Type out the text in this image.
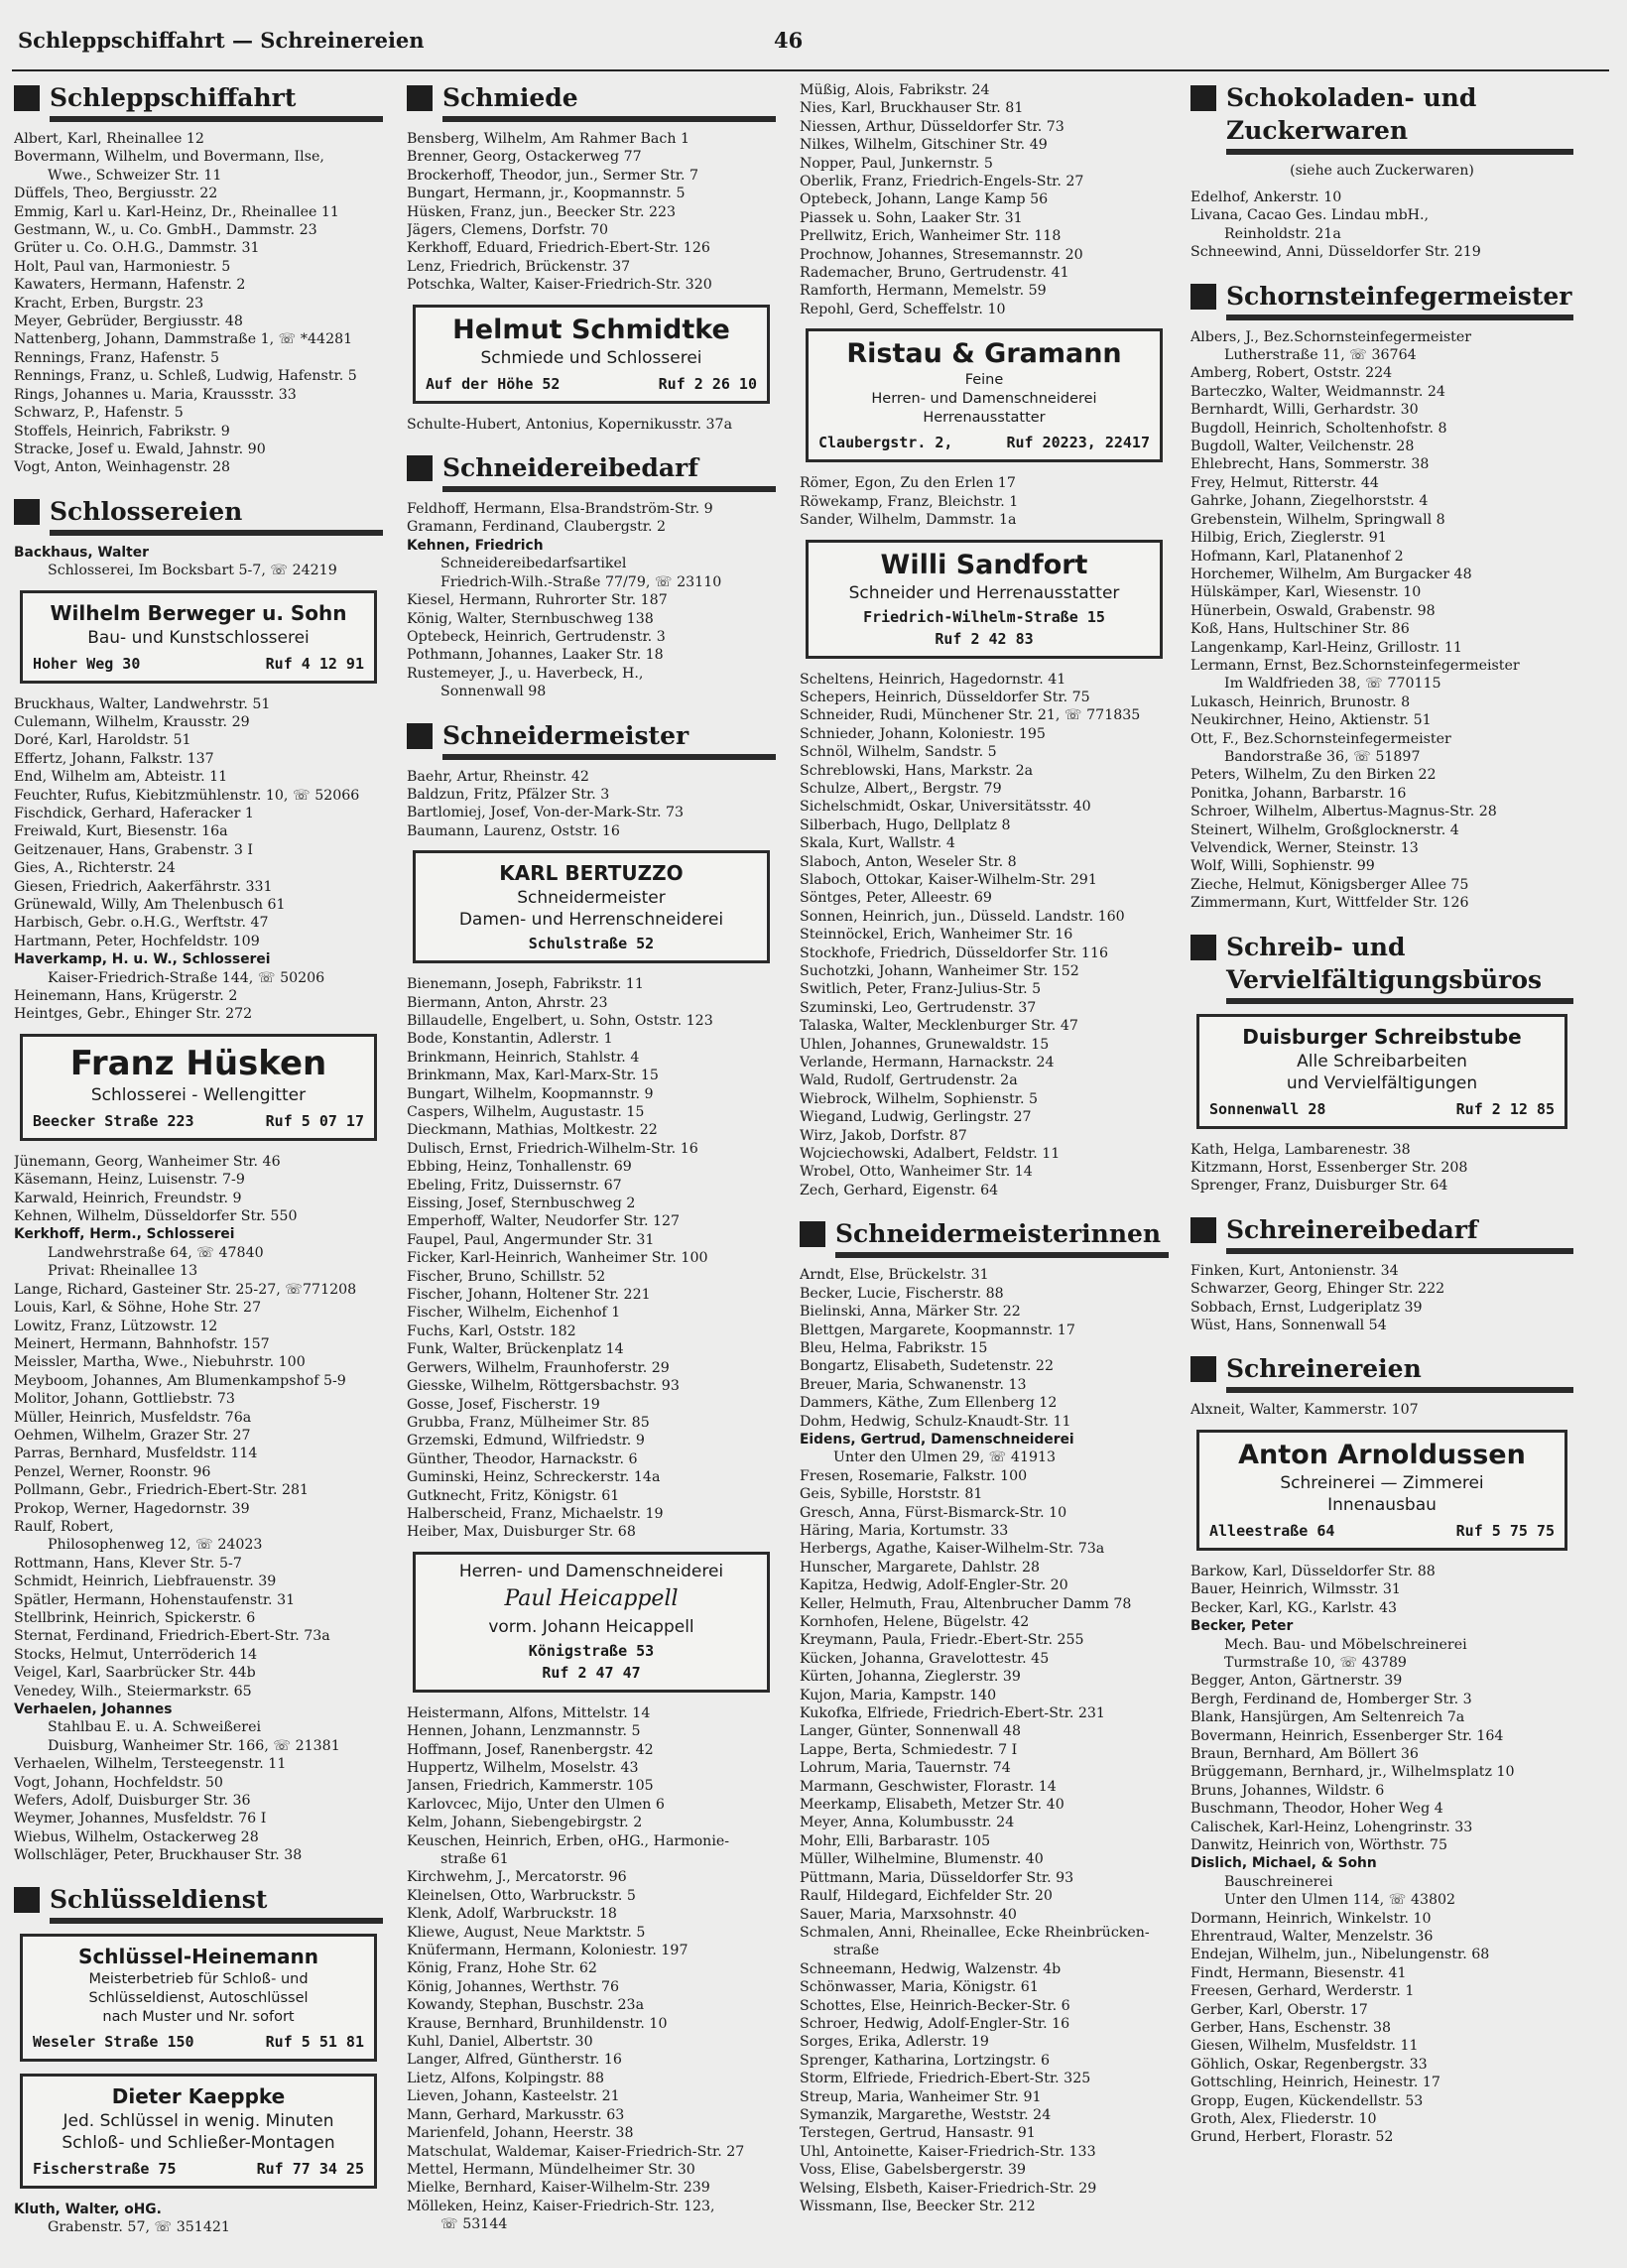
Schleppschiffahrt — Schreinereien	46
Schleppschiffahrt
Albert, Karl, Rheinallee 12
Bovermann, Wilhelm, und Bovermann, Ilse,
Wwe., Schweizer Str. 11
Düffels, Theo, Bergiusstr. 22
Emmig, Karl u. Karl-Heinz, Dr., Rheinallee 11
Gestmann, W., u. Co. GmbH., Dammstr. 23
Grüter u. Co. O.H.G., Dammstr. 31
Holt, Paul van, Harmoniestr. 5
Kawaters, Hermann, Hafenstr. 2
Kracht, Erben, Burgstr. 23
Meyer, Gebrüder, Bergiusstr. 48
Nattenberg, Johann, Dammstraße 1, ☏ *44281
Rennings, Franz, Hafenstr. 5
Rennings, Franz, u. Schleß, Ludwig, Hafenstr. 5
Rings, Johannes u. Maria, Kraussstr. 33
Schwarz, P., Hafenstr. 5
Stoffels, Heinrich, Fabrikstr. 9
Stracke, Josef u. Ewald, Jahnstr. 90
Vogt, Anton, Weinhagenstr. 28
Schlossereien
Backhaus, Walter
Schlosserei, Im Bocksbart 5-7, ☏ 24219
Wilhelm Berweger u. Sohn
Bau- und Kunstschlosserei
Hoher Weg 30	Ruf 4 12 91
Bruckhaus, Walter, Landwehrstr. 51
Culemann, Wilhelm, Krausstr. 29
Doré, Karl, Haroldstr. 51
Effertz, Johann, Falkstr. 137
End, Wilhelm am, Abteistr. 11
Feuchter, Rufus, Kiebitzmühlenstr. 10, ☏ 52066
Fischdick, Gerhard, Haferacker 1
Freiwald, Kurt, Biesenstr. 16a
Geitzenauer, Hans, Grabenstr. 3 I
Gies, A., Richterstr. 24
Giesen, Friedrich, Aakerfährstr. 331
Grünewald, Willy, Am Thelenbusch 61
Harbisch, Gebr. o.H.G., Werftstr. 47
Hartmann, Peter, Hochfeldstr. 109
Haverkamp, H. u. W., Schlosserei
Kaiser-Friedrich-Straße 144, ☏ 50206
Heinemann, Hans, Krügerstr. 2
Heintges, Gebr., Ehinger Str. 272
Franz Hüsken
Schlosserei - Wellengitter
Beecker Straße 223	Ruf 5 07 17
Jünemann, Georg, Wanheimer Str. 46
Käsemann, Heinz, Luisenstr. 7-9
Karwald, Heinrich, Freundstr. 9
Kehnen, Wilhelm, Düsseldorfer Str. 550
Kerkhoff, Herm., Schlosserei
Landwehrstraße 64, ☏ 47840
Privat: Rheinallee 13
Lange, Richard, Gasteiner Str. 25-27, ☏771208
Louis, Karl, & Söhne, Hohe Str. 27
Lowitz, Franz, Lützowstr. 12
Meinert, Hermann, Bahnhofstr. 157
Meissler, Martha, Wwe., Niebuhrstr. 100
Meyboom, Johannes, Am Blumenkampshof 5-9
Molitor, Johann, Gottliebstr. 73
Müller, Heinrich, Musfeldstr. 76a
Oehmen, Wilhelm, Grazer Str. 27
Parras, Bernhard, Musfeldstr. 114
Penzel, Werner, Roonstr. 96
Pollmann, Gebr., Friedrich-Ebert-Str. 281
Prokop, Werner, Hagedornstr. 39
Raulf, Robert,
Philosophenweg 12, ☏ 24023
Rottmann, Hans, Klever Str. 5-7
Schmidt, Heinrich, Liebfrauenstr. 39
Spätler, Hermann, Hohenstaufenstr. 31
Stellbrink, Heinrich, Spickerstr. 6
Sternat, Ferdinand, Friedrich-Ebert-Str. 73a
Stocks, Helmut, Unterröderich 14
Veigel, Karl, Saarbrücker Str. 44b
Venedey, Wilh., Steiermarkstr. 65
Verhaelen, Johannes
Stahlbau E. u. A. Schweißerei
Duisburg, Wanheimer Str. 166, ☏ 21381
Verhaelen, Wilhelm, Tersteegenstr. 11
Vogt, Johann, Hochfeldstr. 50
Wefers, Adolf, Duisburger Str. 36
Weymer, Johannes, Musfeldstr. 76 I
Wiebus, Wilhelm, Ostackerweg 28
Wollschläger, Peter, Bruckhauser Str. 38
Schlüsseldienst
Schlüssel-Heinemann
Meisterbetrieb für Schloß- und
Schlüsseldienst, Autoschlüssel
nach Muster und Nr. sofort
Weseler Straße 150	Ruf 5 51 81
Dieter Kaeppke
Jed. Schlüssel in wenig. Minuten
Schloß- und Schließer-Montagen
Fischerstraße 75	Ruf 77 34 25
Kluth, Walter, oHG.
Grabenstr. 57, ☏ 351421
Schmiede
Bensberg, Wilhelm, Am Rahmer Bach 1
Brenner, Georg, Ostackerweg 77
Brockerhoff, Theodor, jun., Sermer Str. 7
Bungart, Hermann, jr., Koopmannstr. 5
Hüsken, Franz, jun., Beecker Str. 223
Jägers, Clemens, Dorfstr. 70
Kerkhoff, Eduard, Friedrich-Ebert-Str. 126
Lenz, Friedrich, Brückenstr. 37
Potschka, Walter, Kaiser-Friedrich-Str. 320
Helmut Schmidtke
Schmiede und Schlosserei
Auf der Höhe 52	Ruf 2 26 10
Schulte-Hubert, Antonius, Kopernikusstr. 37a
Schneidereibedarf
Feldhoff, Hermann, Elsa-Brandström-Str. 9
Gramann, Ferdinand, Claubergstr. 2
Kehnen, Friedrich
Schneidereibedarfsartikel
Friedrich-Wilh.-Straße 77/79, ☏ 23110
Kiesel, Hermann, Ruhrorter Str. 187
König, Walter, Sternbuschweg 138
Optebeck, Heinrich, Gertrudenstr. 3
Pothmann, Johannes, Laaker Str. 18
Rustemeyer, J., u. Haverbeck, H.,
Sonnenwall 98
Schneidermeister
Baehr, Artur, Rheinstr. 42
Baldzun, Fritz, Pfälzer Str. 3
Bartlomiej, Josef, Von-der-Mark-Str. 73
Baumann, Laurenz, Oststr. 16
KARL BERTUZZO
Schneidermeister
Damen- und Herrenschneiderei
Schulstraße 52
Bienemann, Joseph, Fabrikstr. 11
Biermann, Anton, Ahrstr. 23
Billaudelle, Engelbert, u. Sohn, Oststr. 123
Bode, Konstantin, Adlerstr. 1
Brinkmann, Heinrich, Stahlstr. 4
Brinkmann, Max, Karl-Marx-Str. 15
Bungart, Wilhelm, Koopmannstr. 9
Caspers, Wilhelm, Augustastr. 15
Dieckmann, Mathias, Moltkestr. 22
Dulisch, Ernst, Friedrich-Wilhelm-Str. 16
Ebbing, Heinz, Tonhallenstr. 69
Ebeling, Fritz, Duissernstr. 67
Eissing, Josef, Sternbuschweg 2
Emperhoff, Walter, Neudorfer Str. 127
Faupel, Paul, Angermunder Str. 31
Ficker, Karl-Heinrich, Wanheimer Str. 100
Fischer, Bruno, Schillstr. 52
Fischer, Johann, Holtener Str. 221
Fischer, Wilhelm, Eichenhof 1
Fuchs, Karl, Oststr. 182
Funk, Walter, Brückenplatz 14
Gerwers, Wilhelm, Fraunhoferstr. 29
Giesske, Wilhelm, Röttgersbachstr. 93
Gosse, Josef, Fischerstr. 19
Grubba, Franz, Mülheimer Str. 85
Grzemski, Edmund, Wilfriedstr. 9
Günther, Theodor, Harnackstr. 6
Guminski, Heinz, Schreckerstr. 14a
Gutknecht, Fritz, Königstr. 61
Halberscheid, Franz, Michaelstr. 19
Heiber, Max, Duisburger Str. 68
Herren- und Damenschneiderei
Paul Heicappell
vorm. Johann Heicappell
Königstraße 53
Ruf 2 47 47
Heistermann, Alfons, Mittelstr. 14
Hennen, Johann, Lenzmannstr. 5
Hoffmann, Josef, Ranenbergstr. 42
Huppertz, Wilhelm, Moselstr. 43
Jansen, Friedrich, Kammerstr. 105
Karlovcec, Mijo, Unter den Ulmen 6
Kelm, Johann, Siebengebirgstr. 2
Keuschen, Heinrich, Erben, oHG., Harmonie-
straße 61
Kirchwehm, J., Mercatorstr. 96
Kleinelsen, Otto, Warbruckstr. 5
Klenk, Adolf, Warbruckstr. 18
Kliewe, August, Neue Marktstr. 5
Knüfermann, Hermann, Koloniestr. 197
König, Franz, Hohe Str. 62
König, Johannes, Werthstr. 76
Kowandy, Stephan, Buschstr. 23a
Krause, Bernhard, Brunhildenstr. 10
Kuhl, Daniel, Albertstr. 30
Langer, Alfred, Güntherstr. 16
Lietz, Alfons, Kolpingstr. 88
Lieven, Johann, Kasteelstr. 21
Mann, Gerhard, Markusstr. 63
Marienfeld, Johann, Heerstr. 38
Matschulat, Waldemar, Kaiser-Friedrich-Str. 27
Mettel, Hermann, Mündelheimer Str. 30
Mielke, Bernhard, Kaiser-Wilhelm-Str. 239
Mölleken, Heinz, Kaiser-Friedrich-Str. 123,
☏ 53144
Müßig, Alois, Fabrikstr. 24
Nies, Karl, Bruckhauser Str. 81
Niessen, Arthur, Düsseldorfer Str. 73
Nilkes, Wilhelm, Gitschiner Str. 49
Nopper, Paul, Junkernstr. 5
Oberlik, Franz, Friedrich-Engels-Str. 27
Optebeck, Johann, Lange Kamp 56
Piassek u. Sohn, Laaker Str. 31
Prellwitz, Erich, Wanheimer Str. 118
Prochnow, Johannes, Stresemannstr. 20
Rademacher, Bruno, Gertrudenstr. 41
Ramforth, Hermann, Memelstr. 59
Repohl, Gerd, Scheffelstr. 10
Ristau & Gramann
Feine
Herren- und Damenschneiderei
Herrenausstatter
Claubergstr. 2,	Ruf 20223, 22417
Römer, Egon, Zu den Erlen 17
Röwekamp, Franz, Bleichstr. 1
Sander, Wilhelm, Dammstr. 1a
Willi Sandfort
Schneider und Herrenausstatter
Friedrich-Wilhelm-Straße 15
Ruf 2 42 83
Scheltens, Heinrich, Hagedornstr. 41
Schepers, Heinrich, Düsseldorfer Str. 75
Schneider, Rudi, Münchener Str. 21, ☏ 771835
Schnieder, Johann, Koloniestr. 195
Schnöl, Wilhelm, Sandstr. 5
Schreblowski, Hans, Markstr. 2a
Schulze, Albert,, Bergstr. 79
Sichelschmidt, Oskar, Universitätsstr. 40
Silberbach, Hugo, Dellplatz 8
Skala, Kurt, Wallstr. 4
Slaboch, Anton, Weseler Str. 8
Slaboch, Ottokar, Kaiser-Wilhelm-Str. 291
Söntges, Peter, Alleestr. 69
Sonnen, Heinrich, jun., Düsseld. Landstr. 160
Steinnöckel, Erich, Wanheimer Str. 16
Stockhofe, Friedrich, Düsseldorfer Str. 116
Suchotzki, Johann, Wanheimer Str. 152
Switlich, Peter, Franz-Julius-Str. 5
Szuminski, Leo, Gertrudenstr. 37
Talaska, Walter, Mecklenburger Str. 47
Uhlen, Johannes, Grunewaldstr. 15
Verlande, Hermann, Harnackstr. 24
Wald, Rudolf, Gertrudenstr. 2a
Wiebrock, Wilhelm, Sophienstr. 5
Wiegand, Ludwig, Gerlingstr. 27
Wirz, Jakob, Dorfstr. 87
Wojciechowski, Adalbert, Feldstr. 11
Wrobel, Otto, Wanheimer Str. 14
Zech, Gerhard, Eigenstr. 64
Schneidermeisterinnen
Arndt, Else, Brückelstr. 31
Becker, Lucie, Fischerstr. 88
Bielinski, Anna, Märker Str. 22
Blettgen, Margarete, Koopmannstr. 17
Bleu, Helma, Fabrikstr. 15
Bongartz, Elisabeth, Sudetenstr. 22
Breuer, Maria, Schwanenstr. 13
Dammers, Käthe, Zum Ellenberg 12
Dohm, Hedwig, Schulz-Knaudt-Str. 11
Eidens, Gertrud, Damenschneiderei
Unter den Ulmen 29, ☏ 41913
Fresen, Rosemarie, Falkstr. 100
Geis, Sybille, Horststr. 81
Gresch, Anna, Fürst-Bismarck-Str. 10
Häring, Maria, Kortumstr. 33
Herbergs, Agathe, Kaiser-Wilhelm-Str. 73a
Hunscher, Margarete, Dahlstr. 28
Kapitza, Hedwig, Adolf-Engler-Str. 20
Keller, Helmuth, Frau, Altenbrucher Damm 78
Kornhofen, Helene, Bügelstr. 42
Kreymann, Paula, Friedr.-Ebert-Str. 255
Kücken, Johanna, Gravelottestr. 45
Kürten, Johanna, Zieglerstr. 39
Kujon, Maria, Kampstr. 140
Kukofka, Elfriede, Friedrich-Ebert-Str. 231
Langer, Günter, Sonnenwall 48
Lappe, Berta, Schmiedestr. 7 I
Lohrum, Maria, Tauernstr. 74
Marmann, Geschwister, Florastr. 14
Meerkamp, Elisabeth, Metzer Str. 40
Meyer, Anna, Kolumbusstr. 24
Mohr, Elli, Barbarastr. 105
Müller, Wilhelmine, Blumenstr. 40
Püttmann, Maria, Düsseldorfer Str. 93
Raulf, Hildegard, Eichfelder Str. 20
Sauer, Maria, Marxsohnstr. 40
Schmalen, Anni, Rheinallee, Ecke Rheinbrücken-
straße
Schneemann, Hedwig, Walzenstr. 4b
Schönwasser, Maria, Königstr. 61
Schottes, Else, Heinrich-Becker-Str. 6
Schroer, Hedwig, Adolf-Engler-Str. 16
Sorges, Erika, Adlerstr. 19
Sprenger, Katharina, Lortzingstr. 6
Storm, Elfriede, Friedrich-Ebert-Str. 325
Streup, Maria, Wanheimer Str. 91
Symanzik, Margarethe, Weststr. 24
Terstegen, Gertrud, Hansastr. 91
Uhl, Antoinette, Kaiser-Friedrich-Str. 133
Voss, Elise, Gabelsbergerstr. 39
Welsing, Elsbeth, Kaiser-Friedrich-Str. 29
Wissmann, Ilse, Beecker Str. 212
Schokoladen- und Zuckerwaren
(siehe auch Zuckerwaren)
Edelhof, Ankerstr. 10
Livana, Cacao Ges. Lindau mbH.,
Reinholdstr. 21a
Schneewind, Anni, Düsseldorfer Str. 219
Schornsteinfegermeister
Albers, J., Bez.Schornsteinfegermeister
Lutherstraße 11, ☏ 36764
Amberg, Robert, Oststr. 224
Barteczko, Walter, Weidmannstr. 24
Bernhardt, Willi, Gerhardstr. 30
Bugdoll, Heinrich, Scholtenhofstr. 8
Bugdoll, Walter, Veilchenstr. 28
Ehlebrecht, Hans, Sommerstr. 38
Frey, Helmut, Ritterstr. 44
Gahrke, Johann, Ziegelhorststr. 4
Grebenstein, Wilhelm, Springwall 8
Hilbig, Erich, Zieglerstr. 91
Hofmann, Karl, Platanenhof 2
Horchemer, Wilhelm, Am Burgacker 48
Hülskämper, Karl, Wiesenstr. 10
Hünerbein, Oswald, Grabenstr. 98
Koß, Hans, Hultschiner Str. 86
Langenkamp, Karl-Heinz, Grillostr. 11
Lermann, Ernst, Bez.Schornsteinfegermeister
Im Waldfrieden 38, ☏ 770115
Lukasch, Heinrich, Brunostr. 8
Neukirchner, Heino, Aktienstr. 51
Ott, F., Bez.Schornsteinfegermeister
Bandorstraße 36, ☏ 51897
Peters, Wilhelm, Zu den Birken 22
Ponitka, Johann, Barbarstr. 16
Schroer, Wilhelm, Albertus-Magnus-Str. 28
Steinert, Wilhelm, Großglocknerstr. 4
Velvendick, Werner, Steinstr. 13
Wolf, Willi, Sophienstr. 99
Zieche, Helmut, Königsberger Allee 75
Zimmermann, Kurt, Wittfelder Str. 126
Schreib- und Vervielfältigungsbüros
Duisburger Schreibstube
Alle Schreibarbeiten
und Vervielfältigungen
Sonnenwall 28	Ruf 2 12 85
Kath, Helga, Lambarenestr. 38
Kitzmann, Horst, Essenberger Str. 208
Sprenger, Franz, Duisburger Str. 64
Schreinereibedarf
Finken, Kurt, Antonienstr. 34
Schwarzer, Georg, Ehinger Str. 222
Sobbach, Ernst, Ludgeriplatz 39
Wüst, Hans, Sonnenwall 54
Schreinereien
Alxneit, Walter, Kammerstr. 107
Anton Arnoldussen
Schreinerei — Zimmerei
Innenausbau
Alleestraße 64	Ruf 5 75 75
Barkow, Karl, Düsseldorfer Str. 88
Bauer, Heinrich, Wilmsstr. 31
Becker, Karl, KG., Karlstr. 43
Becker, Peter
Mech. Bau- und Möbelschreinerei
Turmstraße 10, ☏ 43789
Begger, Anton, Gärtnerstr. 39
Bergh, Ferdinand de, Homberger Str. 3
Blank, Hansjürgen, Am Seltenreich 7a
Bovermann, Heinrich, Essenberger Str. 164
Braun, Bernhard, Am Böllert 36
Brüggemann, Bernhard, jr., Wilhelmsplatz 10
Bruns, Johannes, Wildstr. 6
Buschmann, Theodor, Hoher Weg 4
Calischek, Karl-Heinz, Lohengrinstr. 33
Danwitz, Heinrich von, Wörthstr. 75
Dislich, Michael, & Sohn
Bauschreinerei
Unter den Ulmen 114, ☏ 43802
Dormann, Heinrich, Winkelstr. 10
Ehrentraud, Walter, Menzelstr. 36
Endejan, Wilhelm, jun., Nibelungenstr. 68
Findt, Hermann, Biesenstr. 41
Freesen, Gerhard, Werderstr. 1
Gerber, Karl, Oberstr. 17
Gerber, Hans, Eschenstr. 38
Giesen, Wilhelm, Musfeldstr. 11
Göhlich, Oskar, Regenbergstr. 33
Gottschling, Heinrich, Heinestr. 17
Gropp, Eugen, Kückendellstr. 53
Groth, Alex, Fliederstr. 10
Grund, Herbert, Florastr. 52
